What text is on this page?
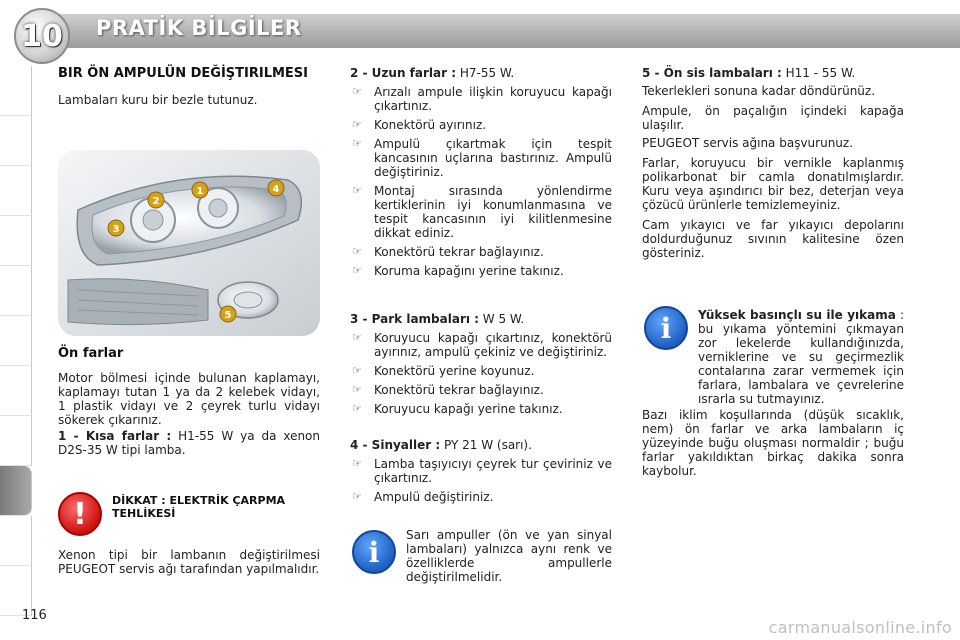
10	PRATİK BİLGİLER
BIR ÖN AMPULÜN DEĞİŞTIRILMESI
Lambaları kuru bir bezle tutunuz.
1
2
3
4
5
Ön farlar
Motor bölmesi içinde bulunan kaplamayı, kaplamayı tutan 1 ya da 2 kelebek vidayı, 1 plastik vidayı ve 2 çeyrek turlu vidayı sökerek çıkarınız.
1 - Kısa farlar : H1-55 W ya da xenon D2S-35 W tipi lamba.
!	DİKKAT : ELEKTRİK ÇARPMA TEHLİKESİ
Xenon tipi bir lambanın değiştirilmesi PEUGEOT servis ağı tarafından yapılmalıdır.
2 - Uzun farlar : H7-55 W.
☞ Arızalı ampule ilişkin koruyucu kapağı çıkartınız.
☞ Konektörü ayırınız.
☞ Ampulü çıkartmak için tespit kancasının uçlarına bastırınız. Ampulü değiştiriniz.
☞ Montaj sırasında yönlendirme kertiklerinin iyi konumlanmasına ve tespit kancasının iyi kilitlenmesine dikkat ediniz.
☞ Konektörü tekrar bağlayınız.
☞ Koruma kapağını yerine takınız.
3 - Park lambaları : W 5 W.
☞ Koruyucu kapağı çıkartınız, konektörü ayırınız, ampulü çekiniz ve değiştiriniz.
☞ Konektörü yerine koyunuz.
☞ Konektörü tekrar bağlayınız.
☞ Koruyucu kapağı yerine takınız.
4 - Sinyaller : PY 21 W (sarı).
☞ Lamba taşıyıcıyı çeyrek tur çeviriniz ve çıkartınız.
☞ Ampulü değiştiriniz.
i
Sarı ampuller (ön ve yan sinyal lambaları) yalnızca aynı renk ve özelliklerde ampullerle değiştirilmelidir.
5 - Ön sis lambaları : H11 - 55 W.
Tekerlekleri sonuna kadar döndürünüz.
Ampule, ön paçalığın içindeki kapağa ulaşılır.
PEUGEOT servis ağına başvurunuz.
Farlar, koruyucu bir vernikle kaplanmış polikarbonat bir camla donatılmışlardır. Kuru veya aşındırıcı bir bez, deterjan veya çözücü ürünlerle temizlemeyiniz.
Cam yıkayıcı ve far yıkayıcı depolarını doldurduğunuz sıvının kalitesine özen gösteriniz.
i	Yüksek basınçlı su ile yıkama : bu yıkama yöntemini çıkmayan zor lekelerde kullandığınızda, verniklerine ve su geçirmezlik contalarına zarar vermemek için farlara, lambalara ve çevrelerine ısrarla su tutmayınız.
Bazı iklim koşullarında (düşük sıcaklık, nem) ön farlar ve arka lambaların iç yüzeyinde buğu oluşması normaldir ; buğu farlar yakıldıktan birkaç dakika sonra kaybolur.
116
carmanualsonline.info
